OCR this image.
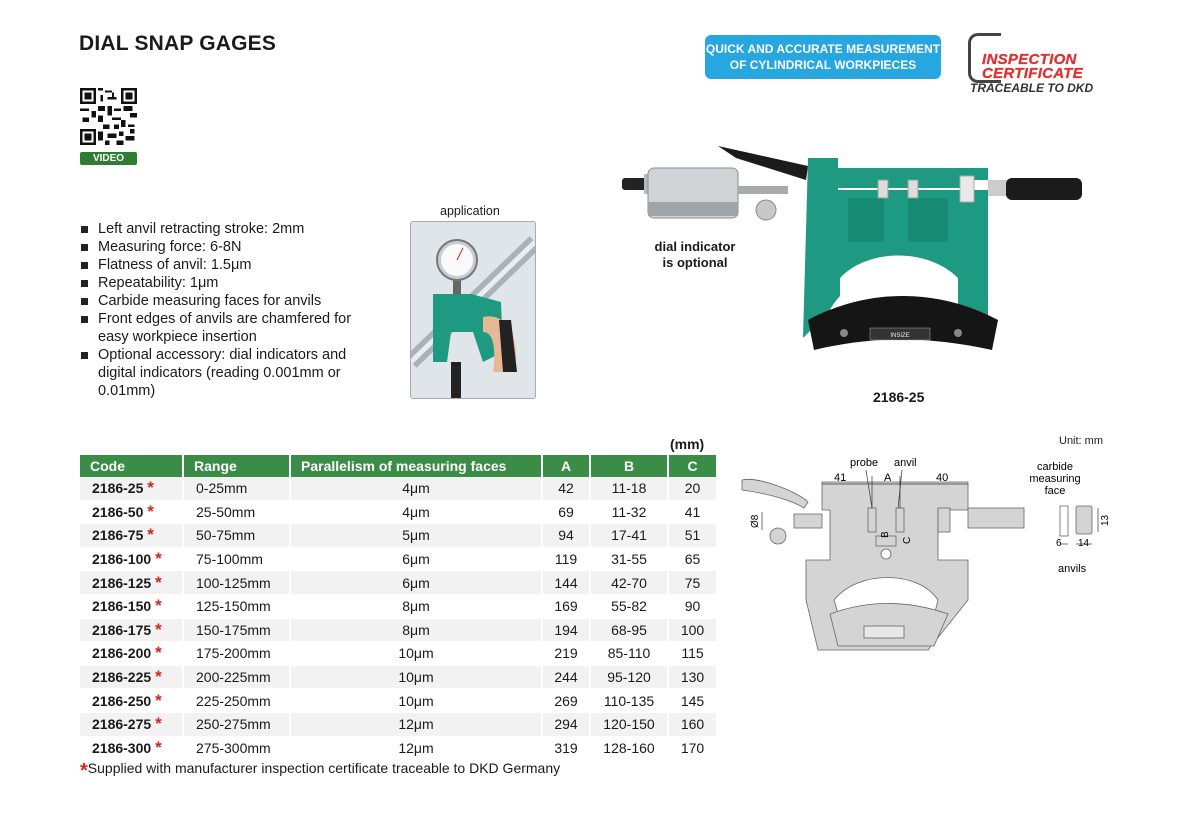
DIAL SNAP GAGES
VIDEO
QUICK AND ACCURATE MEASUREMENT
OF CYLINDRICAL WORKPIECES	INSPECTION
CERTIFICATE
TRACEABLE TO DKD
Left anvil retracting stroke: 2mm
Measuring force: 6-8N
Flatness of anvil: 1.5μm
Repeatability: 1μm
Carbide measuring faces for anvils
Front edges of anvils are chamfered for easy workpiece insertion
Optional accessory: dial indicators and digital indicators (reading 0.001mm or 0.01mm)
application
INSIZE
dial indicator
is optional
2186-25
(mm)
Code	Range	Parallelism of measuring faces	A	B	C
2186-25 *	0-25mm	4μm	42	11-18	20
2186-50 *	25-50mm	4μm	69	11-32	41
2186-75 *	50-75mm	5μm	94	17-41	51
2186-100 *	75-100mm	6μm	119	31-55	65
2186-125 *	100-125mm	6μm	144	42-70	75
2186-150 *	125-150mm	8μm	169	55-82	90
2186-175 *	150-175mm	8μm	194	68-95	100
2186-200 *	175-200mm	10μm	219	85-110	115
2186-225 *	200-225mm	10μm	244	95-120	130
2186-250 *	225-250mm	10μm	269	110-135	145
2186-275 *	250-275mm	12μm	294	120-150	160
2186-300 *	275-300mm	12μm	319	128-160	170
*Supplied with manufacturer inspection certificate traceable to DKD Germany
Unit: mm
probe anvil
41	A	40
Ø8
B
C
carbide
measuring
face
6 14
13
anvils
